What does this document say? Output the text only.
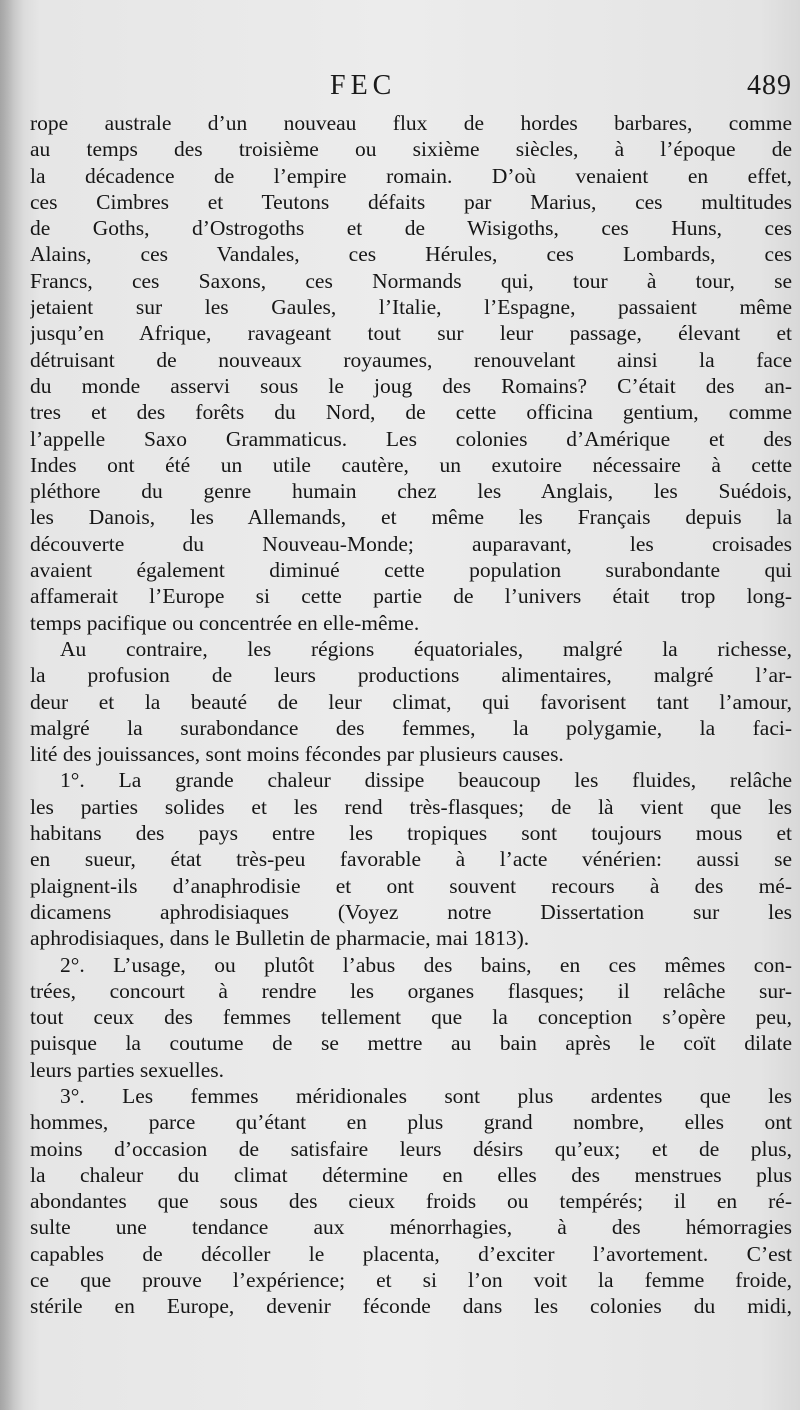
FEC	489
rope australe d’un nouveau flux de hordes barbares, comme
au temps des troisième ou sixième siècles, à l’époque de
la décadence de l’empire romain. D’où venaient en effet,
ces Cimbres et Teutons défaits par Marius, ces multitudes
de Goths, d’Ostrogoths et de Wisigoths, ces Huns, ces
Alains, ces Vandales, ces Hérules, ces Lombards, ces
Francs, ces Saxons, ces Normands qui, tour à tour, se
jetaient sur les Gaules, l’Italie, l’Espagne, passaient même
jusqu’en Afrique, ravageant tout sur leur passage, élevant et
détruisant de nouveaux royaumes, renouvelant ainsi la face
du monde asservi sous le joug des Romains? C’était des an-
tres et des forêts du Nord, de cette officina gentium, comme
l’appelle Saxo Grammaticus. Les colonies d’Amérique et des
Indes ont été un utile cautère, un exutoire nécessaire à cette
pléthore du genre humain chez les Anglais, les Suédois,
les Danois, les Allemands, et même les Français depuis la
découverte du Nouveau-Monde; auparavant, les croisades
avaient également diminué cette population surabondante qui
affamerait l’Europe si cette partie de l’univers était trop long-
temps pacifique ou concentrée en elle-même.
Au contraire, les régions équatoriales, malgré la richesse,
la profusion de leurs productions alimentaires, malgré l’ar-
deur et la beauté de leur climat, qui favorisent tant l’amour,
malgré la surabondance des femmes, la polygamie, la faci-
lité des jouissances, sont moins fécondes par plusieurs causes.
1°. La grande chaleur dissipe beaucoup les fluides, relâche
les parties solides et les rend très-flasques; de là vient que les
habitans des pays entre les tropiques sont toujours mous et
en sueur, état très-peu favorable à l’acte vénérien: aussi se
plaignent-ils d’anaphrodisie et ont souvent recours à des mé-
dicamens aphrodisiaques (Voyez notre Dissertation sur les
aphrodisiaques, dans le Bulletin de pharmacie, mai 1813).
2°. L’usage, ou plutôt l’abus des bains, en ces mêmes con-
trées, concourt à rendre les organes flasques; il relâche sur-
tout ceux des femmes tellement que la conception s’opère peu,
puisque la coutume de se mettre au bain après le coït dilate
leurs parties sexuelles.
3°. Les femmes méridionales sont plus ardentes que les
hommes, parce qu’étant en plus grand nombre, elles ont
moins d’occasion de satisfaire leurs désirs qu’eux; et de plus,
la chaleur du climat détermine en elles des menstrues plus
abondantes que sous des cieux froids ou tempérés; il en ré-
sulte une tendance aux ménorrhagies, à des hémorragies
capables de décoller le placenta, d’exciter l’avortement. C’est
ce que prouve l’expérience; et si l’on voit la femme froide,
stérile en Europe, devenir féconde dans les colonies du midi,
